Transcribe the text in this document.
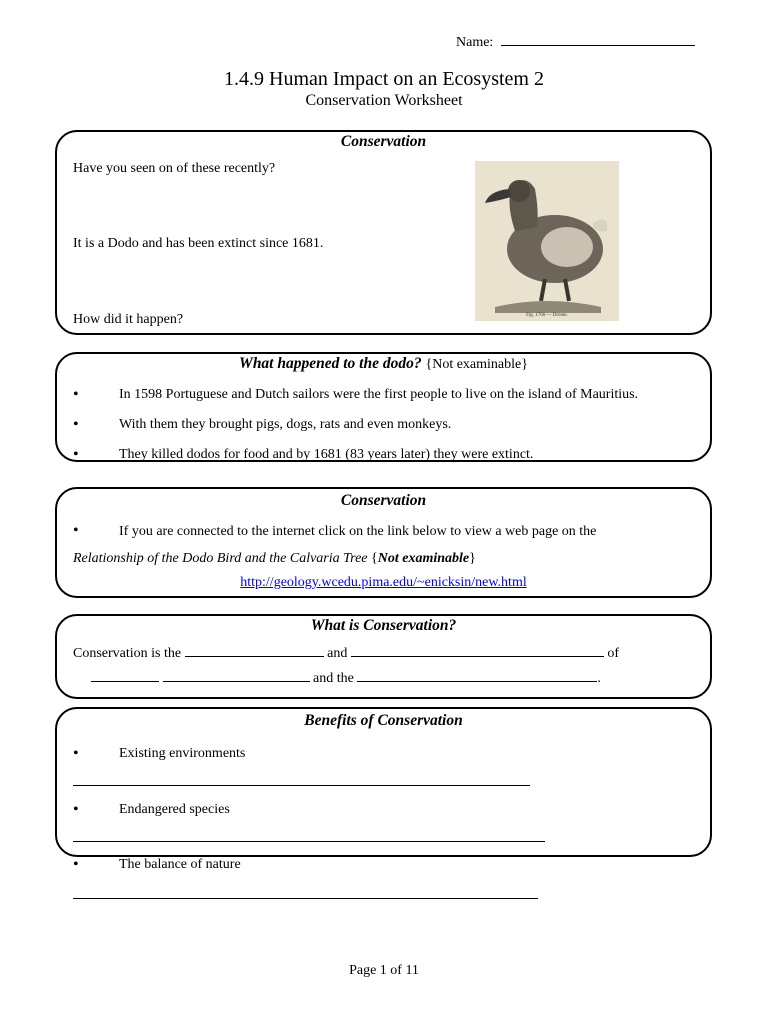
Name:
1.4.9 Human Impact on an Ecosystem 2
Conservation Worksheet
Conservation
Have you seen on of these recently?
It is a Dodo and has been extinct since 1681.
How did it happen?	Fig. 1766 — Dronte.
What happened to the dodo? {Not examinable}
•	In 1598 Portuguese and Dutch sailors were the first people to live on the island of Mauritius.
•	With them they brought pigs, dogs, rats and even monkeys.
•	They killed dodos for food and by 1681 (83 years later) they were extinct.
Conservation
•	If you are connected to the internet click on the link below to view a web page on the
Relationship of the Dodo Bird and the Calvaria Tree {Not examinable}
http://geology.wcedu.pima.edu/~enicksin/new.html
What is Conservation?
Conservation is the	and	of
and the	.
Benefits of Conservation
•	Existing environments
•	Endangered species
•	The balance of nature
Page 1 of 11
